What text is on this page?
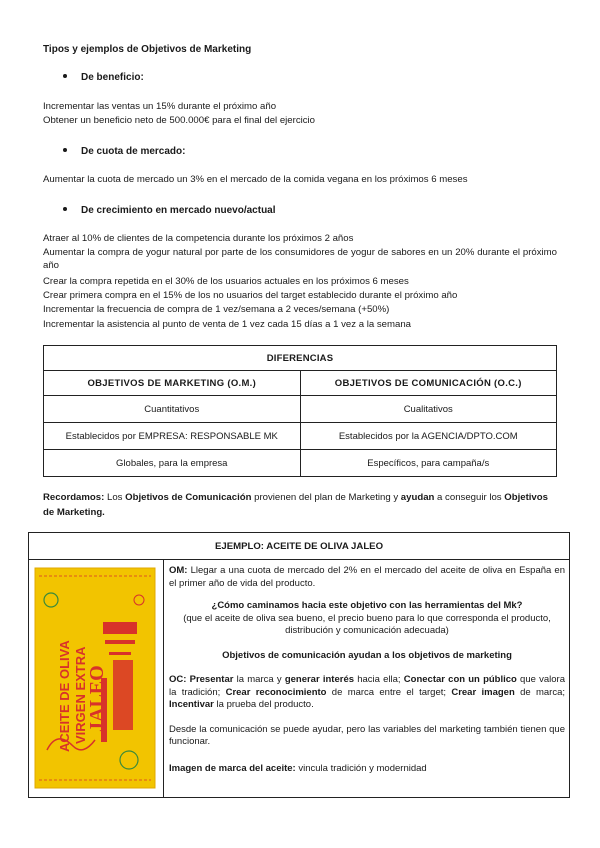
Tipos y ejemplos de Objetivos de Marketing
De beneficio:
Incrementar las ventas un 15% durante el próximo año
Obtener un beneficio neto de 500.000€ para el final del ejercicio
De cuota de mercado:
Aumentar la cuota de mercado un 3% en el mercado de la comida vegana en los próximos 6 meses
De crecimiento en mercado nuevo/actual
Atraer al 10% de clientes de la competencia durante los próximos 2 años
Aumentar la compra de yogur natural por parte de los consumidores de yogur de sabores en un 20% durante el próximo año
Crear la compra repetida en el 30% de los usuarios actuales en los próximos 6 meses
Crear primera compra en el 15% de los no usuarios del target establecido durante el próximo año
Incrementar la frecuencia de compra de 1 vez/semana a 2 veces/semana (+50%)
Incrementar la asistencia al punto de venta de 1 vez cada 15 días a 1 vez a la semana
DIFERENCIAS	
OBJETIVOS DE MARKETING (O.M.)	OBJETIVOS DE COMUNICACIÓN (O.C.)
Cuantitativos	Cualitativos
Establecidos por EMPRESA: RESPONSABLE MK	Establecidos por la AGENCIA/DPTO.COM
Globales, para la empresa	Específicos, para campaña/s
Recordamos: Los Objetivos de Comunicación provienen del plan de Marketing y ayudan a conseguir los Objetivos de Marketing.
EJEMPLO: ACEITE DE OLIVA JALEO
ACEITE DE OLIVA VIRGEN EXTRA
JALEO

OM: Llegar a una cuota de mercado del 2% en el mercado del aceite de oliva en España en el primer año de vida del producto.

¿Cómo caminamos hacia este objetivo con las herramientas del Mk?

(que el aceite de oliva sea bueno, el precio bueno para lo que corresponda el producto, distribución y comunicación adecuada)

Objetivos de comunicación ayudan a los objetivos de marketing

OC: Presentar la marca y generar interés hacia ella; Conectar con un público que valora la tradición; Crear reconocimiento de marca entre el target; Crear imagen de marca; Incentivar la prueba del producto.

Desde la comunicación se puede ayudar, pero las variables del marketing también tienen que funcionar.

Imagen de marca del aceite: vincula tradición y modernidad
